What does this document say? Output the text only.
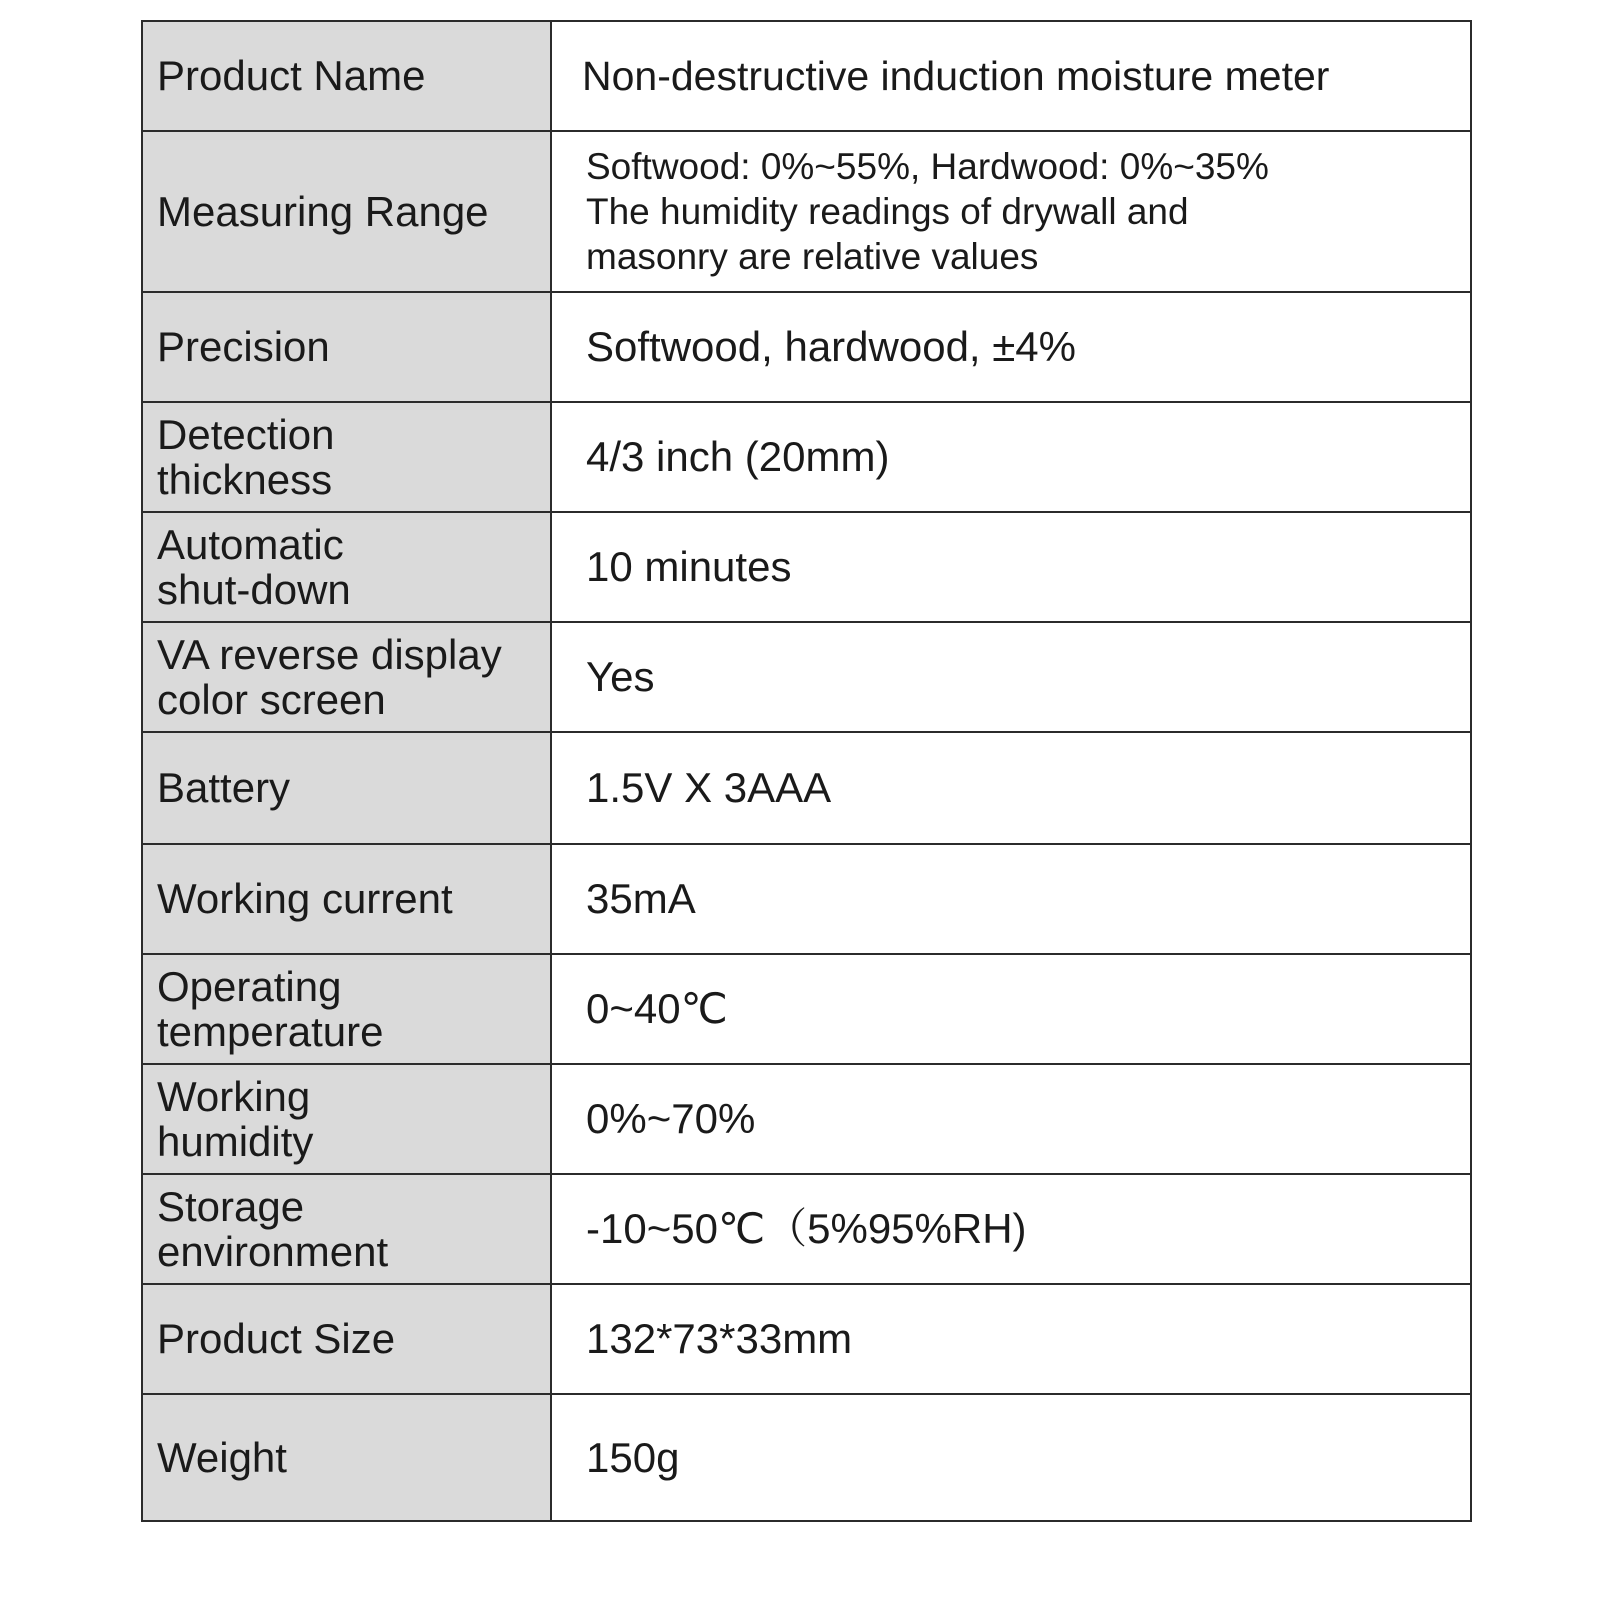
Product Name	Non-destructive induction moisture meter
Measuring Range	Softwood: 0%~55%, Hardwood: 0%~35%
The humidity readings of drywall and
masonry are relative values

Precision	Softwood, hardwood, ±4%

Detection
thickness	4/3 inch (20mm)

Automatic
shut-down	10 minutes

VA reverse display
color screen	Yes
Battery	1.5V X 3AAA
Working current	35mA

Operating
temperature	0~40℃

Working
humidity	0%~70%

Storage
environment	-10~50℃（5%95%RH)
Product Size	132*73*33mm
Weight	150g
